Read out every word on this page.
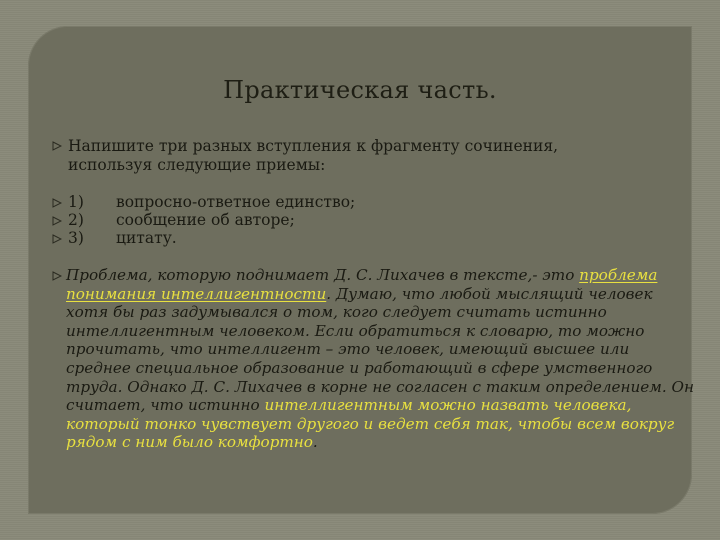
Практическая часть.
Напишите три разных вступления к фрагменту сочинения,
используя следующие приемы:
1) вопросно-ответное единство;
2) сообщение об авторе;
3) цитату.
Проблема, которую поднимает Д. С. Лихачев в тексте,- это проблема понимания интеллигентности. Думаю, что любой мыслящий человек хотя бы раз задумывался о том, кого следует считать истинно интеллигентным человеком. Если обратиться к словарю, то можно прочитать, что интеллигент – это человек, имеющий высшее или среднее специальное образование и работающий в сфере умственного труда. Однако Д. С. Лихачев в корне не согласен с таким определением. Он считает, что истинно интеллигентным можно назвать человека, который тонко чувствует другого и ведет себя так, чтобы всем вокруг рядом с ним было комфортно.
